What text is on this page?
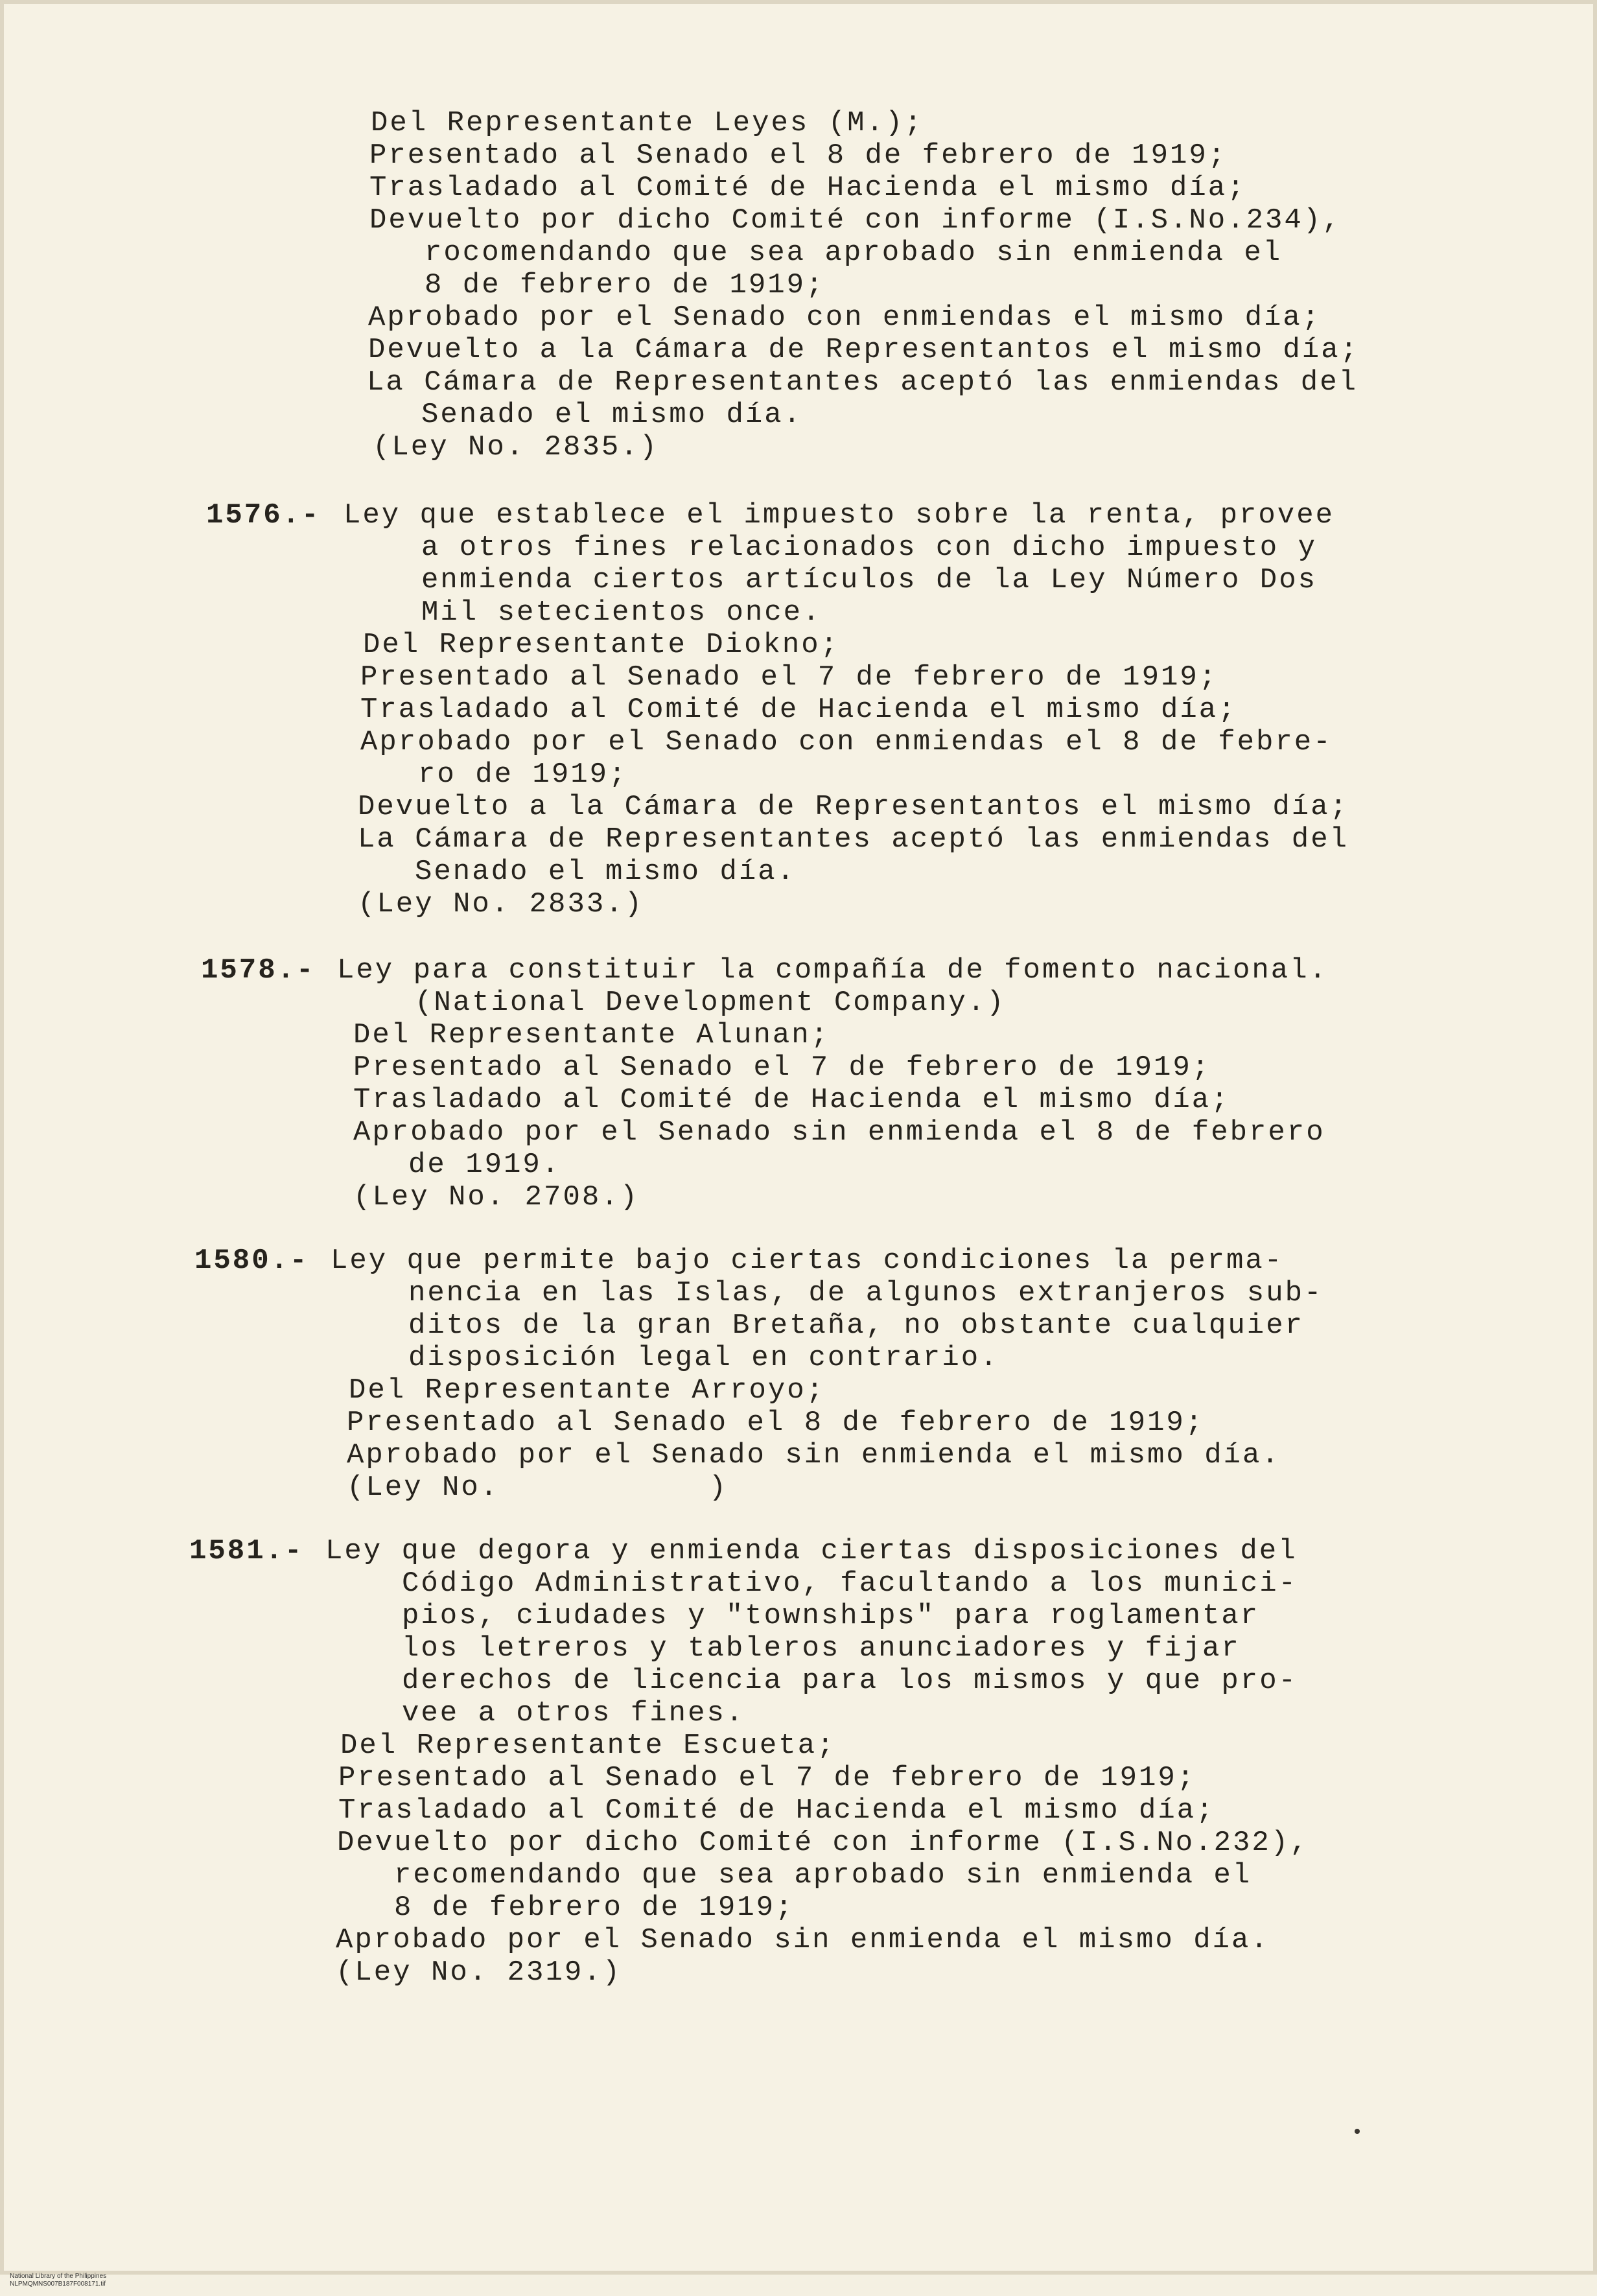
Del Representante Leyes (M.);
Presentado al Senado el 8 de febrero de 1919;
Trasladado al Comité de Hacienda el mismo día;
Devuelto por dicho Comité con informe (I.S.No.234),
rocomendando que sea aprobado sin enmienda el
8 de febrero de 1919;
Aprobado por el Senado con enmiendas el mismo día;
Devuelto a la Cámara de Representantos el mismo día;
La Cámara de Representantes aceptó las enmiendas del
Senado el mismo día.
(Ley No. 2835.)
1576.- Ley que establece el impuesto sobre la renta, provee
a otros fines relacionados con dicho impuesto y
enmienda ciertos artículos de la Ley Número Dos
Mil setecientos once.
Del Representante Diokno;
Presentado al Senado el 7 de febrero de 1919;
Trasladado al Comité de Hacienda el mismo día;
Aprobado por el Senado con enmiendas el 8 de febre-
ro de 1919;
Devuelto a la Cámara de Representantos el mismo día;
La Cámara de Representantes aceptó las enmiendas del
Senado el mismo día.
(Ley No. 2833.)
1578.- Ley para constituir la compañía de fomento nacional.
(National Development Company.)
Del Representante Alunan;
Presentado al Senado el 7 de febrero de 1919;
Trasladado al Comité de Hacienda el mismo día;
Aprobado por el Senado sin enmienda el 8 de febrero
de 1919.
(Ley No. 2708.)
1580.- Ley que permite bajo ciertas condiciones la perma-
nencia en las Islas, de algunos extranjeros sub-
ditos de la gran Bretaña, no obstante cualquier
disposición legal en contrario.
Del Representante Arroyo;
Presentado al Senado el 8 de febrero de 1919;
Aprobado por el Senado sin enmienda el mismo día.
(Ley No.           )
1581.- Ley que degora y enmienda ciertas disposiciones del
Código Administrativo, facultando a los munici-
pios, ciudades y "townships" para roglamentar
los letreros y tableros anunciadores y fijar
derechos de licencia para los mismos y que pro-
vee a otros fines.
Del Representante Escueta;
Presentado al Senado el 7 de febrero de 1919;
Trasladado al Comité de Hacienda el mismo día;
Devuelto por dicho Comité con informe (I.S.No.232),
recomendando que sea aprobado sin enmienda el
8 de febrero de 1919;
Aprobado por el Senado sin enmienda el mismo día.
(Ley No. 2319.)

National Library of the Philippines
NLPMQMNS007B187F008171.tif
